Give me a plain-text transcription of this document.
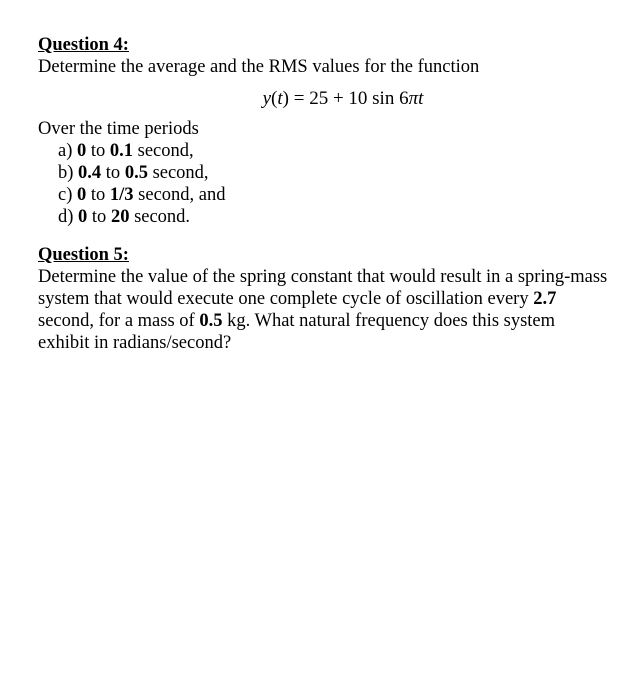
Question 4:

Determine the average and the RMS values for the function

y(t) = 25 + 10 sin 6πt

Over the time periods

a) 0 to 0.1 second,
b) 0.4 to 0.5 second,
c) 0 to 1/3 second, and
d) 0 to 20 second.

Question 5:

Determine the value of the spring constant that would result in a spring-mass system that would execute one complete cycle of oscillation every 2.7 second, for a mass of 0.5 kg. What natural frequency does this system exhibit in radians/second?
